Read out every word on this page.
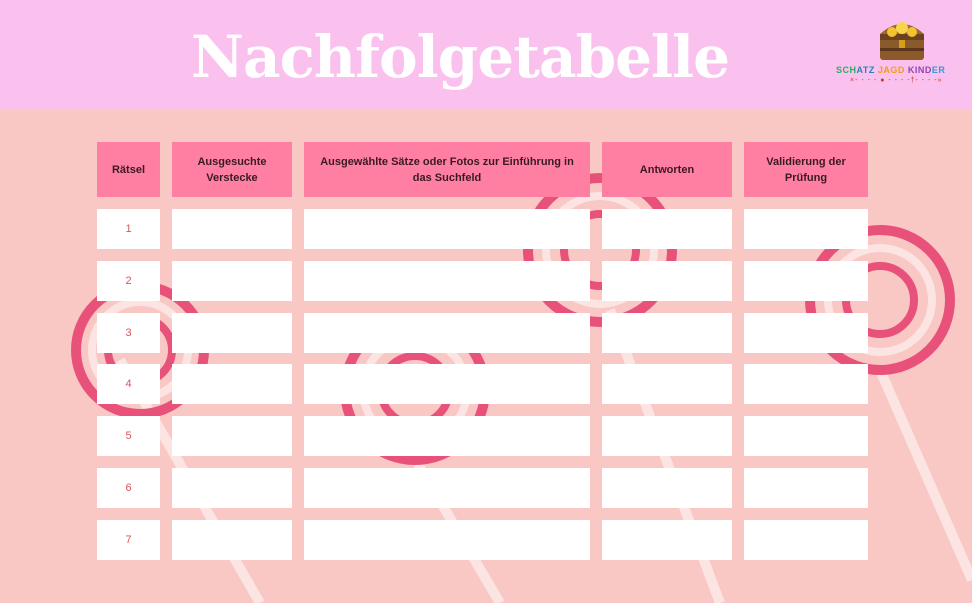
Nachfolgetabelle	SCHATZ JAGD KINDER
×- - - - ● - - - -†- - - -»
Rätsel
Ausgesuchte Verstecke
Ausgewählte Sätze oder Fotos zur Einführung in das Suchfeld
Antworten
Validierung der Prüfung
1
2
3
4
5
6
7
